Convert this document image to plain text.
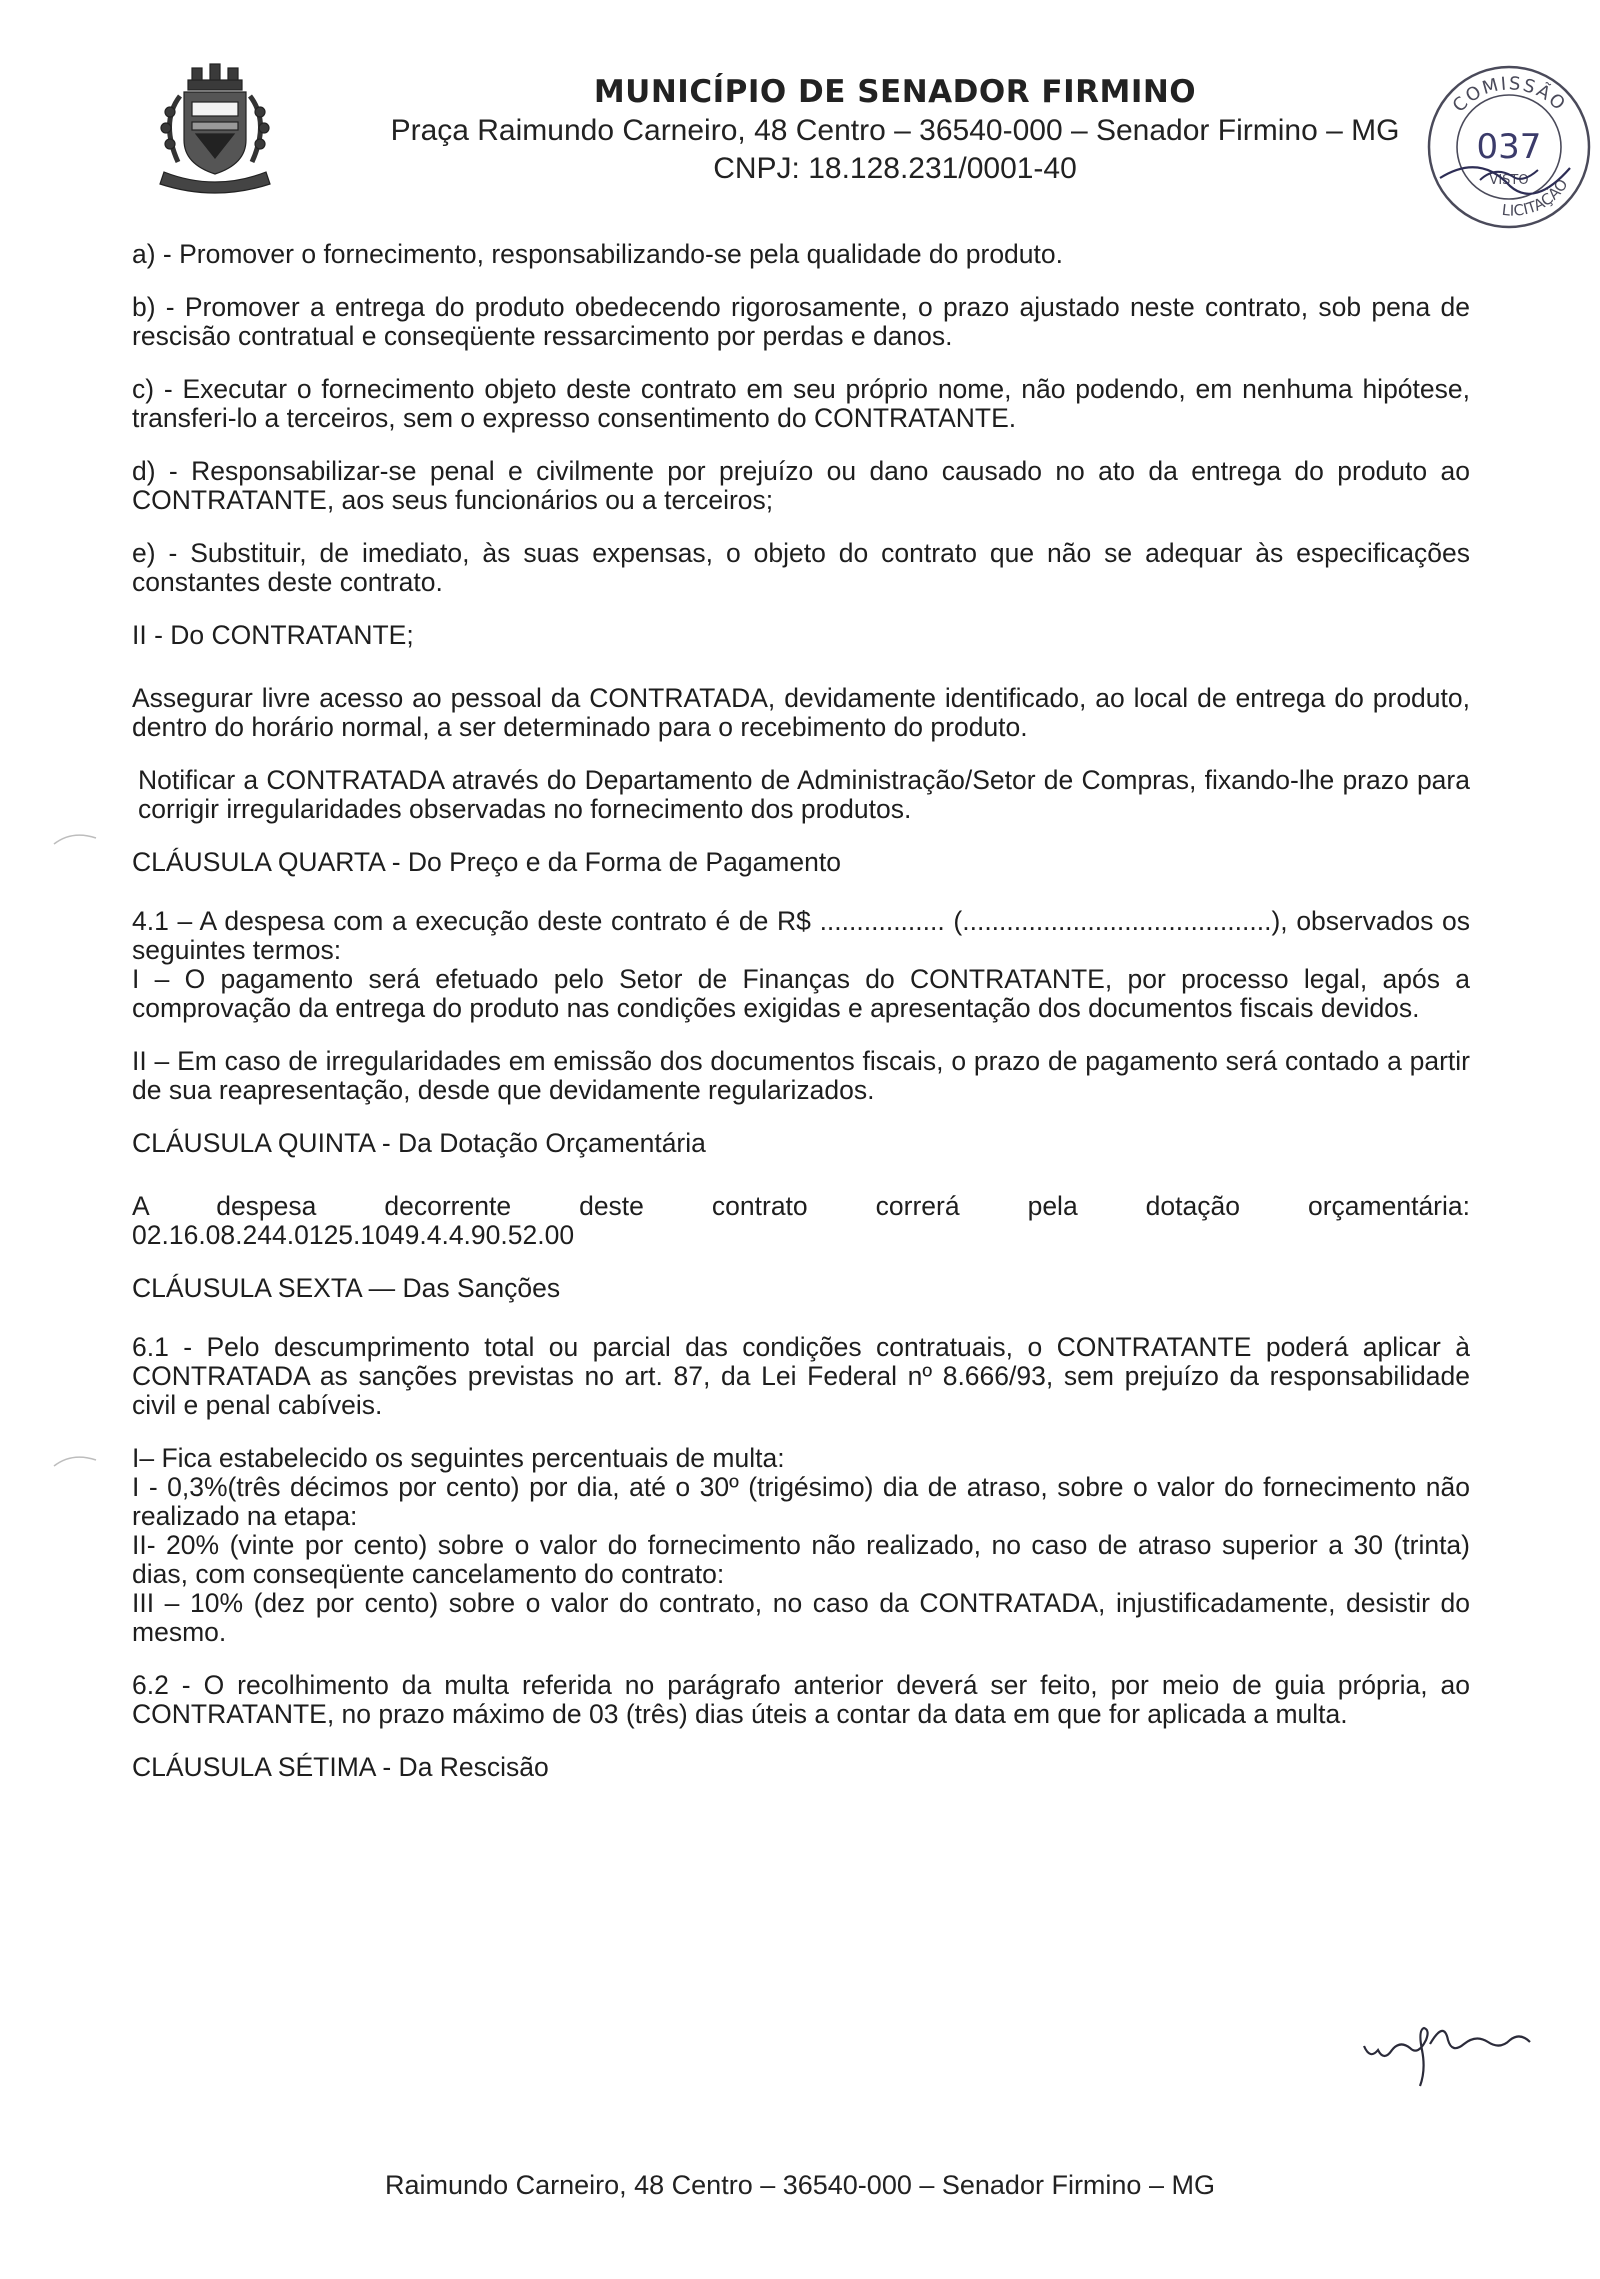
MUNICÍPIO DE SENADOR FIRMINO
Praça Raimundo Carneiro, 48 Centro – 36540-000 – Senador Firmino – MG
CNPJ: 18.128.231/0001-40
COMISSÃO
037
VISTO
LICITAÇÃO

a) - Promover o fornecimento, responsabilizando-se pela qualidade do produto.

b) - Promover a entrega do produto obedecendo rigorosamente, o prazo ajustado neste contrato, sob pena de rescisão contratual e conseqüente ressarcimento por perdas e danos.

c) - Executar o fornecimento objeto deste contrato em seu próprio nome, não podendo, em nenhuma hipótese, transferi-lo a terceiros, sem o expresso consentimento do CONTRATANTE.

d) - Responsabilizar-se penal e civilmente por prejuízo ou dano causado no ato da entrega do produto ao CONTRATANTE, aos seus funcionários ou a terceiros;

e) - Substituir, de imediato, às suas expensas, o objeto do contrato que não se adequar às especificações constantes deste contrato.

II - Do CONTRATANTE;

Assegurar livre acesso ao pessoal da CONTRATADA, devidamente identificado, ao local de entrega do produto, dentro do horário normal, a ser determinado para o recebimento do produto.

Notificar a CONTRATADA através do Departamento de Administração/Setor de Compras, fixando-lhe prazo para corrigir irregularidades observadas no fornecimento dos produtos.

CLÁUSULA QUARTA - Do Preço e da Forma de Pagamento

4.1 – A despesa com a execução deste contrato é de R$ ................. (..........................................), observados os seguintes termos:

I – O pagamento será efetuado pelo Setor de Finanças do CONTRATANTE, por processo legal, após a comprovação da entrega do produto nas condições exigidas e apresentação dos documentos fiscais devidos.

II – Em caso de irregularidades em emissão dos documentos fiscais, o prazo de pagamento será contado a partir de sua reapresentação, desde que devidamente regularizados.

CLÁUSULA QUINTA - Da Dotação Orçamentária

A despesa decorrente deste contrato correrá pela dotação orçamentária:

02.16.08.244.0125.1049.4.4.90.52.00

CLÁUSULA SEXTA — Das Sanções

6.1 - Pelo descumprimento total ou parcial das condições contratuais, o CONTRATANTE poderá aplicar à CONTRATADA as sanções previstas no art. 87, da Lei Federal nº 8.666/93, sem prejuízo da responsabilidade civil e penal cabíveis.

I– Fica estabelecido os seguintes percentuais de multa:

I - 0,3%(três décimos por cento) por dia, até o 30º (trigésimo) dia de atraso, sobre o valor do fornecimento não realizado na etapa:

II- 20% (vinte por cento) sobre o valor do fornecimento não realizado, no caso de atraso superior a 30 (trinta) dias, com conseqüente cancelamento do contrato:

III – 10% (dez por cento) sobre o valor do contrato, no caso da CONTRATADA, injustificadamente, desistir do mesmo.

6.2 - O recolhimento da multa referida no parágrafo anterior deverá ser feito, por meio de guia própria, ao CONTRATANTE, no prazo máximo de 03 (três) dias úteis a contar da data em que for aplicada a multa.

CLÁUSULA SÉTIMA - Da Rescisão

Raimundo Carneiro, 48 Centro – 36540-000 – Senador Firmino – MG
